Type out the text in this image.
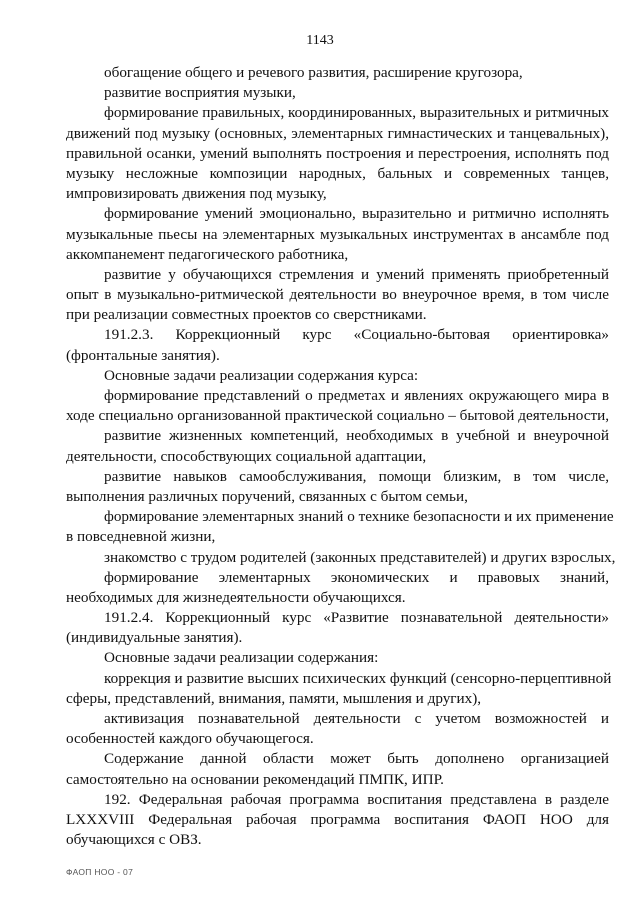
1143
обогащение общего и речевого развития, расширение кругозора,
развитие восприятия музыки,
формирование правильных, координированных, выразительных и ритмичных
движений под музыку (основных, элементарных гимнастических и танцевальных),
правильной осанки, умений выполнять построения и перестроения, исполнять под
музыку несложные композиции народных, бальных и современных танцев,
импровизировать движения под музыку,
формирование умений эмоционально, выразительно и ритмично исполнять
музыкальные пьесы на элементарных музыкальных инструментах в ансамбле под
аккомпанемент педагогического работника,
развитие у обучающихся стремления и умений применять приобретенный
опыт в музыкально-ритмической деятельности во внеурочное время, в том числе
при реализации совместных проектов со сверстниками.
191.2.3. Коррекционный курс «Социально-бытовая ориентировка»
(фронтальные занятия).
Основные задачи реализации содержания курса:
формирование представлений о предметах и явлениях окружающего мира в
ходе специально организованной практической социально – бытовой деятельности,
развитие жизненных компетенций, необходимых в учебной и внеурочной
деятельности, способствующих социальной адаптации,
развитие навыков самообслуживания, помощи близким, в том числе,
выполнения различных поручений, связанных с бытом семьи,
формирование элементарных знаний о технике безопасности и их применение
в повседневной жизни,
знакомство с трудом родителей (законных представителей) и других взрослых,
формирование элементарных экономических и правовых знаний,
необходимых для жизнедеятельности обучающихся.
191.2.4. Коррекционный курс «Развитие познавательной деятельности»
(индивидуальные занятия).
Основные задачи реализации содержания:
коррекция и развитие высших психических функций (сенсорно-перцептивной
сферы, представлений, внимания, памяти, мышления и других),
активизация познавательной деятельности с учетом возможностей и
особенностей каждого обучающегося.
Содержание данной области может быть дополнено организацией
самостоятельно на основании рекомендаций ПМПК, ИПР.
192. Федеральная рабочая программа воспитания представлена в разделе
LXXXVIII Федеральная рабочая программа воспитания ФАОП НОО для
обучающихся с ОВЗ.
ФАОП НОО - 07
